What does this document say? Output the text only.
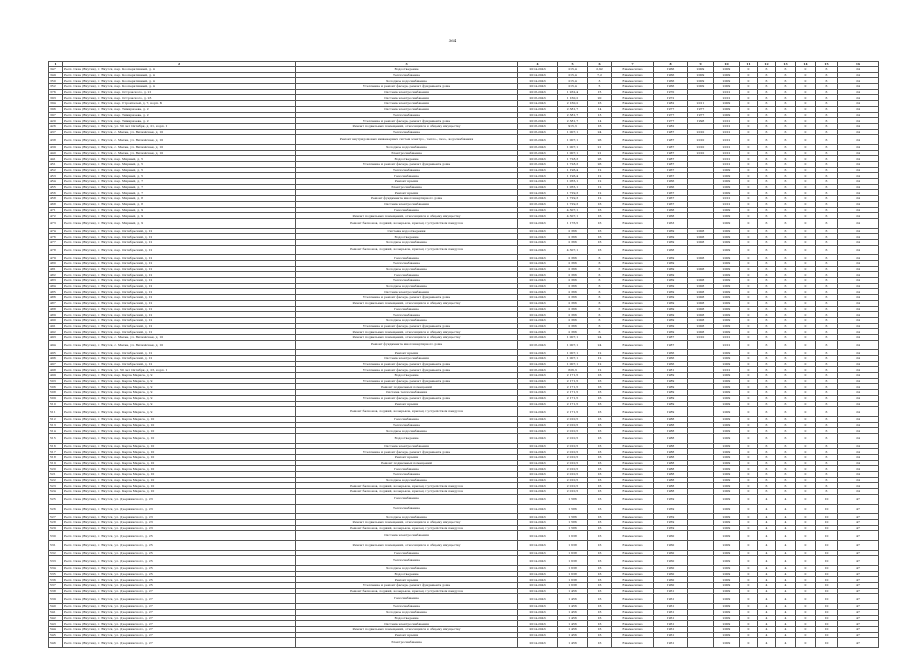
364
1	2	3	4	5	6	7	8	9	10	11	12	13	14	15	16
347	Респ. Саха (Якутия), г. Якутск, пер. Кооперативный, д. 4	Водоотведение	2014-2043	215,4	2,92	Ежемесячно	1966	2009	2009	0	6	6	0	6	24
349	Респ. Саха (Якутия), г. Якутск, пер. Кооперативный, д. 4	Теплоснабжение	2014-2043	215,4	7,2	Ежемесячно	1966	2009	2009	0	6	6	0	6	24
350	Респ. Саха (Якутия), г. Якутск, пер. Кооперативный, д. 4	Холодное водоснабжение	2014-2043	215,4	3	Ежемесячно	1966	2009	2009	0	6	6	0	6	24
352	Респ. Саха (Якутия), г. Якутск, пер. Кооперативный, д. 4	Утепление и ремонт фасада, ремонт фундамента дома	2014-2043	215,4	5	Ежемесячно	1966	2009	2009	0	6	6	0	6	24
376	Респ. Саха (Якутия), г. Якутск, пер. Островского, д. 21	Система электроснабжения	2018-2043	1 262,4	15	Ежемесячно	1970		2012	0	6	6	0	6	24
393	Респ. Саха (Якутия), г. Якутск, пер. Островского, д. 23	Система электроснабжения	2018-2043	1 160,2	20	Ежемесячно	1972		2012	0	6	6	0	6	24
394	Респ. Саха (Якутия), г. Якутск, пер. Строителей, д. 7, корп. Б	Система электроснабжения	2014-2043	2 160,2	16	Ежемесячно	1982	2011	2009	0	6	6	0	6	24
396	Респ. Саха (Якутия), г. Якутск, пер. Тимирязева, д. 2	Система электроснабжения	2014-2043	2 381,7	14	Ежемесячно	1977	1977	2009	0	6	6	0	6	24
397	Респ. Саха (Якутия), г. Якутск, пер. Тимирязева, д. 2	Теплоснабжение	2014-2043	2 381,7	13	Ежемесячно	1977	1977	2009	0	6	6	0	6	24
420	Респ. Саха (Якутия), г. Якутск, пер. Тимирязева, д. 2	Утепление и ремонт фасада, ремонт фундамента дома	2018-2043	2 381,7	14	Ежемесячно	1977	1998	2012	0	6	6	0	6	24
426	Респ. Саха (Якутия), г. Якутск, ул. 50 лет Октября, д. 21, корп. 1	Ремонт подвальных помещений, относящихся к общему имуществу	2018-2043	915,3	16	Ежемесячно	1982		2012	0	6	6	0	6	24
437	Респ. Саха (Якутия), г. Якутск, с. Маган, ул. Вилюйская, д. 10	Теплоснабжение	2018-2043	1 007,1	24	Ежемесячно	1987	2010	2012	0	6	6	0	6	24
438	Респ. Саха (Якутия), г. Якутск, с. Маган, ул. Вилюйская, д. 10	Ремонт внутридомовых инженерных систем электро-, тепло-, газо-, водоснабжения	2018-2043	1 007,1	26	Ежемесячно	1987	2010	2012	0	6	6	0	6	24
439	Респ. Саха (Якутия), г. Якутск, с. Маган, ул. Вилюйская, д. 10	Холодное водоснабжение	2018-2043	1 007,1	21	Ежемесячно	1987	2010	2012	0	6	6	0	6	24
440	Респ. Саха (Якутия), г. Якутск, с. Маган, ул. Вилюйская, д. 10	Электроснабжение	2018-2043	1 007,1	21	Ежемесячно	1987	2010	2012	0	6	6	0	6	24
441	Респ. Саха (Якутия), г. Якутск, пер. Мирный, д. 5	Водоотведение	2018-2043	1 728,3	26	Ежемесячно	1987		2012	0	6	6	0	6	24
451	Респ. Саха (Якутия), г. Якутск, пер. Мирный, д. 5	Утепление и ремонт фасада, ремонт фундамента дома	2018-2043	1 728,3	26	Ежемесячно	1987		2012	0	6	6	0	6	24
452	Респ. Саха (Якутия), г. Якутск, пер. Мирный, д. 5	Теплоснабжение	2014-2043	1 196,4	12	Ежемесячно	1967		2009	0	6	6	0	6	24
453	Респ. Саха (Якутия), г. Якутск, пер. Мирный, д. 5	Газоснабжение	2014-2043	1 196,4	12	Ежемесячно	1967		2009	0	6	6	0	6	24
454	Респ. Саха (Якутия), г. Якутск, пер. Мирный, д. 7	Ремонт крыши	2014-2043	1 055,1	12	Ежемесячно	1966		2009	0	6	6	0	6	24
455	Респ. Саха (Якутия), г. Якутск, пер. Мирный, д. 7	Электроснабжение	2014-2043	1 055,1	12	Ежемесячно	1966		2009	0	6	6	0	6	24
456	Респ. Саха (Якутия), г. Якутск, пер. Мирный, д. 7	Ремонт крыши	2014-2043	1 729,3	12	Ежемесячно	1967		2009	0	6	6	0	6	24
458	Респ. Саха (Якутия), г. Якутск, пер. Мирный, д. 8	Ремонт фундамента многоквартирного дома	2018-2043	1 729,3	12	Ежемесячно	1967		2012	0	6	6	0	6	24
468	Респ. Саха (Якутия), г. Якутск, пер. Мирный, д. 8	Система электроснабжения	2018-2043	1 729,3	16	Ежемесячно	1967		2012	0	6	6	0	6	24
471	Респ. Саха (Якутия), г. Якутск, пер. Мирный, д. 9	Газоснабжение	2014-2043	4 307,1	16	Ежемесячно	1968		2009	0	6	6	0	6	24
472	Респ. Саха (Якутия), г. Якутск, пер. Мирный, д. 9	Ремонт подвальных помещений, относящихся к общему имуществу	2014-2043	4 307,1	16	Ежемесячно	1968		2009	0	6	6	0	6	24
473	Респ. Саха (Якутия), г. Якутск, пер. Мирный, д. 9	Ремонт балконов, лоджий, козырьков, крылец с устройством пандусов	2014-2043	1 176,5	16	Ежемесячно	1963		2009	0	6	6	0	6	24
474	Респ. Саха (Якутия), г. Якутск, пер. Октябрьский, д. 12	Система водоотведения	2014-2043	2 366	16	Ежемесячно	1969	2008	2009	0	6	6	0	6	24
476	Респ. Саха (Якутия), г. Якутск, пер. Октябрьский, д. 12	Водоотведение	2014-2043	2 366	16	Ежемесячно	1969	2008	2009	0	6	6	0	6	24
477	Респ. Саха (Якутия), г. Якутск, пер. Октябрьский, д. 12	Холодное водоснабжение	2014-2043	2 366	16	Ежемесячно	1969	2008	2009	0	6	6	0	6	24
478	Респ. Саха (Якутия), г. Якутск, пер. Октябрьский, д. 12	Ремонт балконов, лоджий, козырьков, крылец с устройством пандусов	2014-2043	4 307,1	16	Ежемесячно	1968		2009	0	6	6	0	6	24
479	Респ. Саха (Якутия), г. Якутск, пер. Октябрьский, д. 12	Газоснабжение	2014-2043	2 366	6	Ежемесячно	1969	2008	2009	0	6	6	0	6	24
480	Респ. Саха (Якутия), г. Якутск, пер. Октябрьский, д. 12	Теплоснабжение	2014-2043	2 366	6	Ежемесячно	1969		2009	0	6	6	0	6	24
481	Респ. Саха (Якутия), г. Якутск, пер. Октябрьский, д. 12	Холодное водоснабжение	2014-2043	2 366	6	Ежемесячно	1969	2008	2009	0	6	6	0	6	24
482	Респ. Саха (Якутия), г. Якутск, пер. Октябрьский, д. 12	Газоснабжение	2014-2043	2 366	6	Ежемесячно	1969		2009	0	6	6	0	6	24
483	Респ. Саха (Якутия), г. Якутск, пер. Октябрьский, д. 12	Теплоснабжение	2014-2043	2 366	6	Ежемесячно	1969	2008	2009	0	6	6	0	6	24
484	Респ. Саха (Якутия), г. Якутск, пер. Октябрьский, д. 12	Холодное водоснабжение	2014-2043	2 366	6	Ежемесячно	1969	2008	2009	0	6	6	0	6	24
485	Респ. Саха (Якутия), г. Якутск, пер. Октябрьский, д. 12	Система электроснабжения	2014-2043	2 366	6	Ежемесячно	1969	2008	2009	0	6	6	0	6	24
486	Респ. Саха (Якутия), г. Якутск, пер. Октябрьский, д. 12	Утепление и ремонт фасада, ремонт фундамента дома	2014-2043	2 366	6	Ежемесячно	1969	2008	2009	0	6	6	0	6	24
487	Респ. Саха (Якутия), г. Якутск, пер. Октябрьский, д. 12	Ремонт подвальных помещений, относящихся к общему имуществу	2014-2043	2 366	6	Ежемесячно	1969	2008	2009	0	6	6	0	6	24
488	Респ. Саха (Якутия), г. Якутск, пер. Октябрьский, д. 12	Газоснабжение	2014-2043	2 366	6	Ежемесячно	1969	2008	2009	0	6	6	0	6	24
489	Респ. Саха (Якутия), г. Якутск, пер. Октябрьский, д. 12	Теплоснабжение	2014-2043	2 366	6	Ежемесячно	1969	2008	2009	0	6	6	0	6	24
490	Респ. Саха (Якутия), г. Якутск, пер. Октябрьский, д. 12	Холодное водоснабжение	2014-2043	2 366	6	Ежемесячно	1969	2008	2009	0	6	6	0	6	24
491	Респ. Саха (Якутия), г. Якутск, пер. Октябрьский, д. 12	Утепление и ремонт фасада, ремонт фундамента дома	2014-2043	2 366	6	Ежемесячно	1969	2008	2009	0	6	6	0	6	24
492	Респ. Саха (Якутия), г. Якутск, пер. Октябрьский, д. 12	Ремонт подвальных помещений, относящихся к общему имуществу	2014-2043	2 366	6	Ежемесячно	1969	2008	2009	0	6	6	0	6	24
493	Респ. Саха (Якутия), г. Якутск, с. Маган, ул. Вилюйская, д. 10	Ремонт подвальных помещений, относящихся к общему имуществу	2018-2043	1 007,1	24	Ежемесячно	1987	2010	2012	0	6	6	0	6	24
494	Респ. Саха (Якутия), г. Якутск, с. Маган, ул. Вилюйская, д. 10	Ремонт фундамента многоквартирного дома	2018-2043	1 007,1	24	Ежемесячно	1987		2012	0	6	6	0	6	24
495	Респ. Саха (Якутия), г. Якутск, пер. Октябрьский, д. 12	Ремонт крыши	2014-2043	1 007,1	12	Ежемесячно	1966		2009	0	6	6	0	6	24
496	Респ. Саха (Якутия), г. Якутск, пер. Октябрьский, д. 12	Система электроснабжения	2014-2043	1 007,1	12	Ежемесячно	1966		2009	0	6	6	0	6	24
497	Респ. Саха (Якутия), г. Якутск, пер. Октябрьский, д. 12	Утепление и ремонт фасада, ремонт фундамента дома	2014-2043	1 007,1	12	Ежемесячно	1966		2009	0	6	6	0	6	24
498	Респ. Саха (Якутия), г. Якутск, ул. 50 лет Октября, д. 23, корп. 1	Утепление и ремонт фасада, ремонт фундамента дома	2018-2043	826,3	12	Ежемесячно	1981		2012	0	6	6	0	6	24
499	Респ. Саха (Якутия), г. Якутск, пер. Карла Маркса, д. 9	Водоотведение	2014-2043	2 171,5	16	Ежемесячно	1989		2009	0	6	6	0	6	24
503	Респ. Саха (Якутия), г. Якутск, пер. Карла Маркса, д. 9	Утепление и ремонт фасада, ремонт фундамента дома	2014-2043	2 171,5	16	Ежемесячно	1989		2009	0	6	6	0	6	24
506	Респ. Саха (Якутия), г. Якутск, пер. Карла Маркса, д. 9	Ремонт подвальных помещений	2014-2043	2 171,5	16	Ежемесячно	1989		2009	0	6	6	0	6	24
508	Респ. Саха (Якутия), г. Якутск, пер. Карла Маркса, д. 9	Система теплоснабжения	2014-2043	2 171,5	16	Ежемесячно	1989		2009	0	6	6	0	6	24
509	Респ. Саха (Якутия), г. Якутск, пер. Карла Маркса, д. 9	Утепление и ремонт фасада, ремонт фундамента дома	2014-2043	2 171,5	16	Ежемесячно	1989		2009	0	6	6	0	6	24
510	Респ. Саха (Якутия), г. Якутск, пер. Карла Маркса, д. 9	Ремонт крыши	2014-2043	2 171,5	16	Ежемесячно	1989		2009	0	6	6	0	6	24
511	Респ. Саха (Якутия), г. Якутск, пер. Карла Маркса, д. 9	Ремонт балконов, лоджий, козырьков, крылец с устройством пандусов	2014-2043	2 171,5	16	Ежемесячно	1989		2009	0	6	6	0	6	24
512	Респ. Саха (Якутия), г. Якутск, пер. Карла Маркса, д. 10	Газоснабжение	2014-2043	2 010,5	16	Ежемесячно	1988		2009	0	6	6	0	6	24
513	Респ. Саха (Якутия), г. Якутск, пер. Карла Маркса, д. 10	Теплоснабжение	2014-2043	2 010,5	16	Ежемесячно	1988		2009	0	6	6	0	6	24
514	Респ. Саха (Якутия), г. Якутск, пер. Карла Маркса, д. 10	Холодное водоснабжение	2014-2043	2 010,5	16	Ежемесячно	1988		2009	0	6	6	0	6	24
515	Респ. Саха (Якутия), г. Якутск, пер. Карла Маркса, д. 10	Водоотведение	2014-2043	2 010,5	16	Ежемесячно	1988		2009	0	6	6	0	6	24
516	Респ. Саха (Якутия), г. Якутск, пер. Карла Маркса, д. 10	Система электроснабжения	2014-2043	2 010,5	16	Ежемесячно	1988		2009	0	6	6	0	6	24
517	Респ. Саха (Якутия), г. Якутск, пер. Карла Маркса, д. 10	Утепление и ремонт фасада, ремонт фундамента дома	2014-2043	2 010,5	16	Ежемесячно	1988		2009	0	6	6	0	6	24
518	Респ. Саха (Якутия), г. Якутск, пер. Карла Маркса, д. 10	Ремонт крыши	2014-2043	2 010,5	16	Ежемесячно	1988		2009	0	6	6	0	6	24
519	Респ. Саха (Якутия), г. Якутск, пер. Карла Маркса, д. 10	Ремонт подвальных помещений	2014-2043	2 010,5	16	Ежемесячно	1988		2009	0	6	6	0	6	24
520	Респ. Саха (Якутия), г. Якутск, пер. Карла Маркса, д. 10	Газоснабжение	2014-2043	2 010,5	16	Ежемесячно	1988		2009	0	6	6	0	6	24
521	Респ. Саха (Якутия), г. Якутск, пер. Карла Маркса, д. 10	Теплоснабжение	2014-2043	2 010,5	16	Ежемесячно	1988		2009	0	6	6	0	6	24
522	Респ. Саха (Якутия), г. Якутск, пер. Карла Маркса, д. 10	Холодное водоснабжение	2014-2043	2 010,5	16	Ежемесячно	1988		2009	0	6	6	0	6	24
523	Респ. Саха (Якутия), г. Якутск, пер. Карла Маркса, д. 10	Ремонт балконов, лоджий, козырьков, крылец с устройством пандусов	2014-2043	2 010,5	16	Ежемесячно	1988		2009	0	6	6	0	6	24
524	Респ. Саха (Якутия), г. Якутск, пер. Карла Маркса, д. 10	Ремонт балконов, лоджий, козырьков, крылец с устройством пандусов	2014-2043	2 010,5	16	Ежемесячно	1988		2009	0	6	6	0	6	24
525	Респ. Саха (Якутия), г. Якутск, ул. Дзержинского, д. 23	Газоснабжение	2014-2043	1 586	16	Ежемесячно	1959		2009	0	4	4	0	10	47
526	Респ. Саха (Якутия), г. Якутск, ул. Дзержинского, д. 23	Теплоснабжение	2014-2043	1 586	16	Ежемесячно	1959		2009	0	4	4	0	10	47
527	Респ. Саха (Якутия), г. Якутск, ул. Дзержинского, д. 23	Холодное водоснабжение	2014-2043	1 586	16	Ежемесячно	1959		2009	0	4	4	0	10	47
528	Респ. Саха (Якутия), г. Якутск, ул. Дзержинского, д. 23	Ремонт подвальных помещений, относящихся к общему имуществу	2014-2043	1 586	16	Ежемесячно	1959		2009	0	4	4	0	10	47
529	Респ. Саха (Якутия), г. Якутск, ул. Дзержинского, д. 23	Ремонт балконов, лоджий, козырьков, крылец с устройством пандусов	2014-2043	1 586	16	Ежемесячно	1959		2009	0	4	4	0	10	47
530	Респ. Саха (Якутия), г. Якутск, ул. Дзержинского, д. 25	Система электроснабжения	2014-2043	1 638	16	Ежемесячно	1960		2009	0	4	4	0	10	47
531	Респ. Саха (Якутия), г. Якутск, ул. Дзержинского, д. 25	Ремонт подвальных помещений, относящихся к общему имуществу	2014-2043	1 638	16	Ежемесячно	1960		2009	0	4	4	0	10	47
532	Респ. Саха (Якутия), г. Якутск, ул. Дзержинского, д. 25	Газоснабжение	2014-2043	1 638	16	Ежемесячно	1960		2009	0	4	4	0	10	47
533	Респ. Саха (Якутия), г. Якутск, ул. Дзержинского, д. 25	Теплоснабжение	2014-2043	1 638	16	Ежемесячно	1960		2009	0	4	4	0	10	47
534	Респ. Саха (Якутия), г. Якутск, ул. Дзержинского, д. 25	Холодное водоснабжение	2014-2043	1 638	16	Ежемесячно	1960		2009	0	4	4	0	10	47
535	Респ. Саха (Якутия), г. Якутск, ул. Дзержинского, д. 25	Водоотведение	2014-2043	1 638	16	Ежемесячно	1960		2009	0	4	4	0	10	47
536	Респ. Саха (Якутия), г. Якутск, ул. Дзержинского, д. 25	Ремонт крыши	2014-2043	1 638	16	Ежемесячно	1960		2009	0	4	4	0	10	47
537	Респ. Саха (Якутия), г. Якутск, ул. Дзержинского, д. 25	Утепление и ремонт фасада, ремонт фундамента дома	2014-2043	1 638	16	Ежемесячно	1960		2009	0	4	4	0	10	47
538	Респ. Саха (Якутия), г. Якутск, ул. Дзержинского, д. 27	Ремонт балконов, лоджий, козырьков, крылец с устройством пандусов	2014-2043	1 456	16	Ежемесячно	1961		2009	0	4	4	0	10	47
539	Респ. Саха (Якутия), г. Якутск, ул. Дзержинского, д. 27	Газоснабжение	2014-2043	1 456	16	Ежемесячно	1961		2009	0	4	4	0	10	47
540	Респ. Саха (Якутия), г. Якутск, ул. Дзержинского, д. 27	Теплоснабжение	2014-2043	1 456	16	Ежемесячно	1961		2009	0	4	4	0	10	47
541	Респ. Саха (Якутия), г. Якутск, ул. Дзержинского, д. 27	Холодное водоснабжение	2014-2043	1 456	16	Ежемесячно	1961		2009	0	4	4	0	10	47
542	Респ. Саха (Якутия), г. Якутск, ул. Дзержинского, д. 27	Водоотведение	2014-2043	1 456	16	Ежемесячно	1961		2009	0	4	4	0	10	47
543	Респ. Саха (Якутия), г. Якутск, ул. Дзержинского, д. 27	Система электроснабжения	2014-2043	1 456	16	Ежемесячно	1961		2009	0	4	4	0	10	47
544	Респ. Саха (Якутия), г. Якутск, ул. Дзержинского, д. 27	Ремонт подвальных помещений, относящихся к общему имуществу	2014-2043	1 456	16	Ежемесячно	1961		2009	0	4	4	0	10	47
545	Респ. Саха (Якутия), г. Якутск, ул. Дзержинского, д. 27	Ремонт крыши	2014-2043	1 456	16	Ежемесячно	1961		2009	0	4	4	0	10	47
546	Респ. Саха (Якутия), г. Якутск, ул. Дзержинского, д. 27	Электроснабжение	2014-2043	1 456	16	Ежемесячно	1961		2009	0	4	4	0	10	47
